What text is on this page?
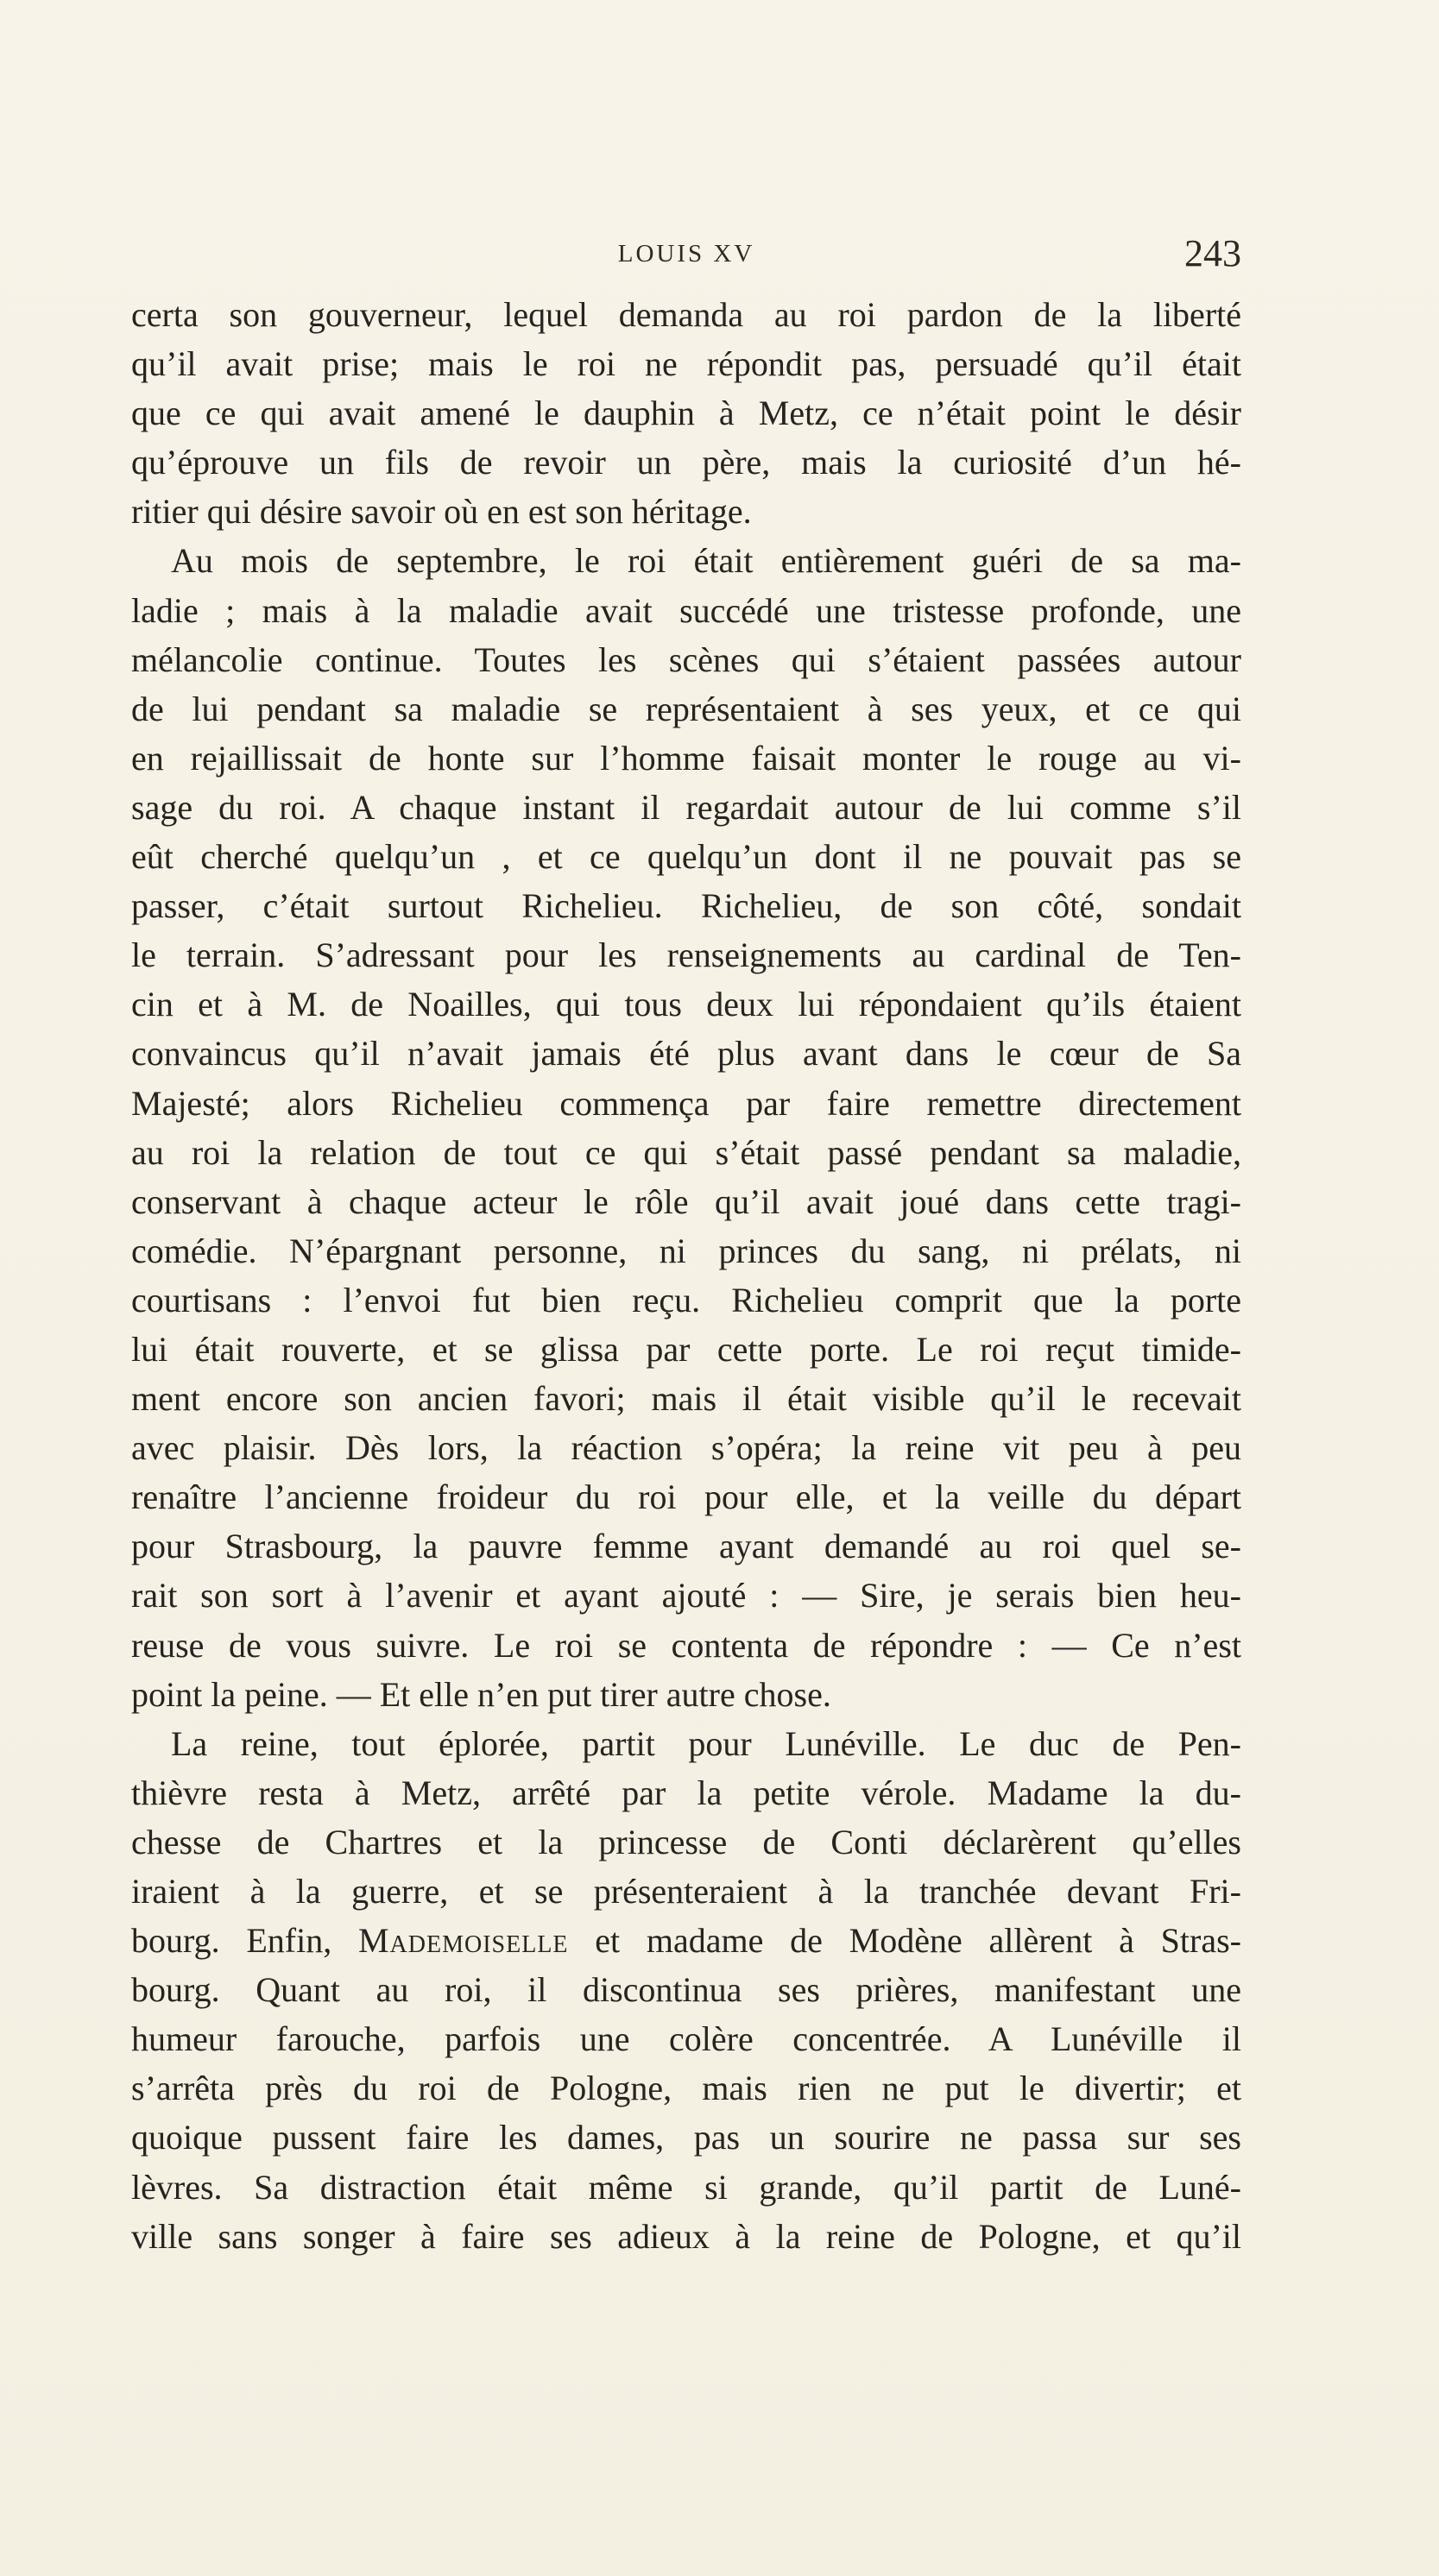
LOUIS XV	243
certa son gouverneur, lequel demanda au roi pardon de la liberté
qu’il avait prise; mais le roi ne répondit pas, persuadé qu’il était
que ce qui avait amené le dauphin à Metz, ce n’était point le désir
qu’éprouve un fils de revoir un père, mais la curiosité d’un hé-
ritier qui désire savoir où en est son héritage.
Au mois de septembre, le roi était entièrement guéri de sa ma-
ladie ; mais à la maladie avait succédé une tristesse profonde, une
mélancolie continue. Toutes les scènes qui s’étaient passées autour
de lui pendant sa maladie se représentaient à ses yeux, et ce qui
en rejaillissait de honte sur l’homme faisait monter le rouge au vi-
sage du roi. A chaque instant il regardait autour de lui comme s’il
eût cherché quelqu’un , et ce quelqu’un dont il ne pouvait pas se
passer, c’était surtout Richelieu. Richelieu, de son côté, sondait
le terrain. S’adressant pour les renseignements au cardinal de Ten-
cin et à M. de Noailles, qui tous deux lui répondaient qu’ils étaient
convaincus qu’il n’avait jamais été plus avant dans le cœur de Sa
Majesté; alors Richelieu commença par faire remettre directement
au roi la relation de tout ce qui s’était passé pendant sa maladie,
conservant à chaque acteur le rôle qu’il avait joué dans cette tragi-
comédie. N’épargnant personne, ni princes du sang, ni prélats, ni
courtisans : l’envoi fut bien reçu. Richelieu comprit que la porte
lui était rouverte, et se glissa par cette porte. Le roi reçut timide-
ment encore son ancien favori; mais il était visible qu’il le recevait
avec plaisir. Dès lors, la réaction s’opéra; la reine vit peu à peu
renaître l’ancienne froideur du roi pour elle, et la veille du départ
pour Strasbourg, la pauvre femme ayant demandé au roi quel se-
rait son sort à l’avenir et ayant ajouté : — Sire, je serais bien heu-
reuse de vous suivre. Le roi se contenta de répondre : — Ce n’est
point la peine. — Et elle n’en put tirer autre chose.
La reine, tout éplorée, partit pour Lunéville. Le duc de Pen-
thièvre resta à Metz, arrêté par la petite vérole. Madame la du-
chesse de Chartres et la princesse de Conti déclarèrent qu’elles
iraient à la guerre, et se présenteraient à la tranchée devant Fri-
bourg. Enfin, Mademoiselle et madame de Modène allèrent à Stras-
bourg. Quant au roi, il discontinua ses prières, manifestant une
humeur farouche, parfois une colère concentrée. A Lunéville il
s’arrêta près du roi de Pologne, mais rien ne put le divertir; et
quoique pussent faire les dames, pas un sourire ne passa sur ses
lèvres. Sa distraction était même si grande, qu’il partit de Luné-
ville sans songer à faire ses adieux à la reine de Pologne, et qu’il
